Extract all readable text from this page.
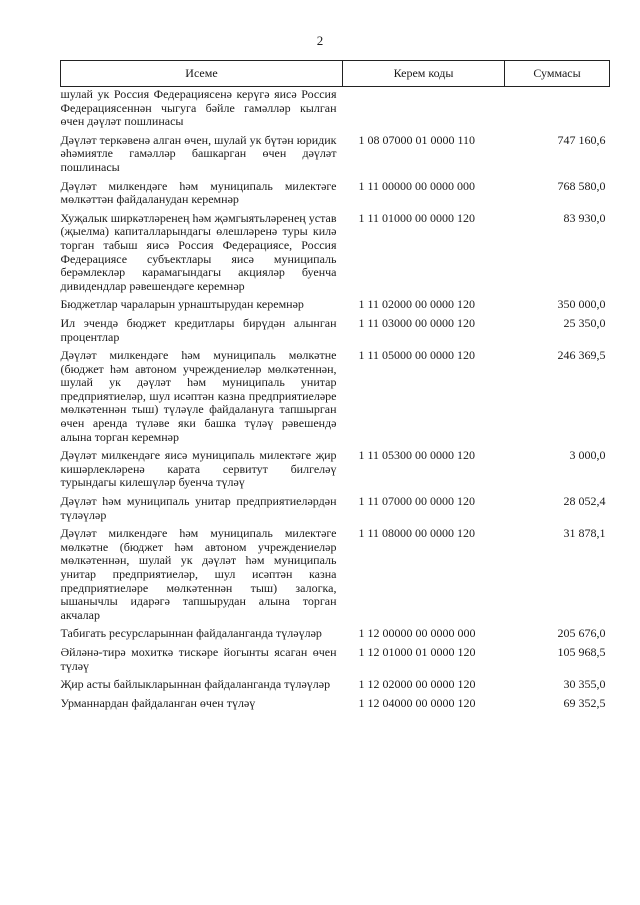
2
Исеме	Керем коды	Суммасы
шулай ук Россия Федерациясенә керүгә яисә Россия Федерациясеннән чыгуга бәйле гамәлләр кылган өчен дәүләт пошлинасы		
Дәүләт теркәвенә алган өчен, шулай ук бүтән юридик әһәмиятле гамәлләр башкарган өчен дәүләт пошлинасы	1 08 07000 01 0000 110	747 160,6
Дәүләт милкендәге һәм муниципаль милектәге мөлкәттән файдаланудан керемнәр	1 11 00000 00 0000 000	768 580,0
Хуҗалык ширкәтләренең һәм җәмгыятьләренең устав (җыелма) капиталларындагы өлешләренә туры килә торган табыш яисә Россия Федерациясе, Россия Федерациясе субъектлары яисә муниципаль берәмлекләр карамагындагы акцияләр буенча дивидендлар рәвешендәге керемнәр	1 11 01000 00 0000 120	83 930,0
Бюджетлар чараларын урнаштырудан керемнәр	1 11 02000 00 0000 120	350 000,0
Ил эчендә бюджет кредитлары бирүдән алынган процентлар	1 11 03000 00 0000 120	25 350,0
Дәүләт милкендәге һәм муниципаль мөлкәтне (бюджет һәм автоном учреждениеләр мөлкәтеннән, шулай ук дәүләт һәм муниципаль унитар предприятиеләр, шул исәптән казна предприятиеләре мөлкәтеннән тыш) түләүле файдалануга тапшырган өчен аренда түләве яки башка түләү рәвешендә алына торган керемнәр	1 11 05000 00 0000 120	246 369,5
Дәүләт милкендәге яисә муниципаль милектәге җир кишәрлекләренә карата сервитут билгеләү турындагы килешүләр буенча түләү	1 11 05300 00 0000 120	3 000,0
Дәүләт һәм муниципаль унитар предприятиеләрдән түләүләр	1 11 07000 00 0000 120	28 052,4
Дәүләт милкендәге һәм муниципаль милектәге мөлкәтне (бюджет һәм автоном учреждениеләр мөлкәтеннән, шулай ук дәүләт һәм муниципаль унитар предприятиеләр, шул исәптән казна предприятиеләре мөлкәтеннән тыш) залогка, ышанычлы идарәгә тапшырудан алына торган акчалар	1 11 08000 00 0000 120	31 878,1
Табигать ресурсларыннан файдаланганда түләүләр	1 12 00000 00 0000 000	205 676,0
Әйләнә-тирә мохиткә тискәре йогынты ясаган өчен түләү	1 12 01000 01 0000 120	105 968,5
Җир асты байлыкларыннан файдаланганда түләүләр	1 12 02000 00 0000 120	30 355,0
Урманнардан файдаланган өчен түләү	1 12 04000 00 0000 120	69 352,5
